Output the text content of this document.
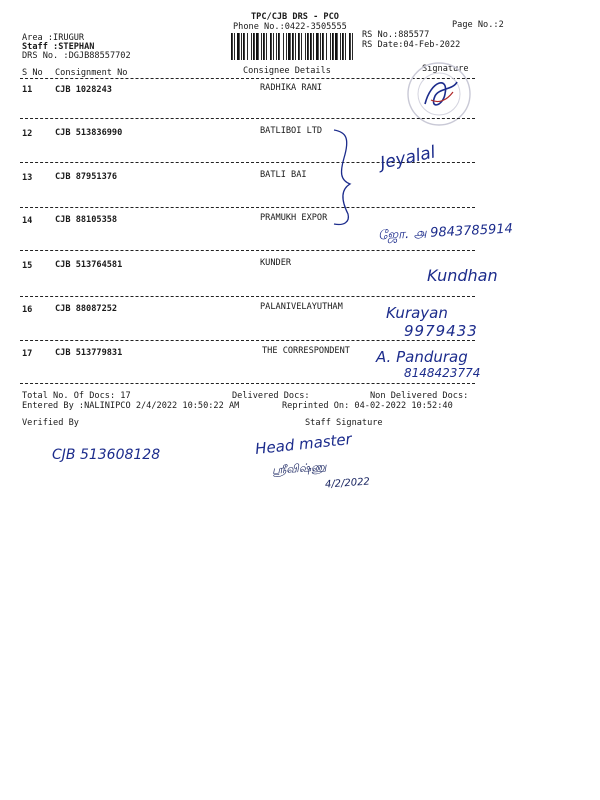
TPC/CJB DRS - PCO
Phone No.:0422-3505555	Page No.:2
Area :IRUGUR
Staff :STEPHAN
DRS No. :DGJB88557702
RS No.:885577
RS Date:04-Feb-2022
S No Consignment No	Consignee Details	Signature
11	CJB 1028243	RADHIKA RANI
12	CJB 513836990	BATLIBOI LTD
13	CJB 87951376	BATLI BAI
14	CJB 88105358	PRAMUKH EXPOR
15	CJB 513764581	KUNDER
16	CJB 88087252	PALANIVELAYUTHAM
17	CJB 513779831	THE CORRESPONDENT
Jeyalal
ஜோ. ௮ 9843785914
Kundhan
Kurayan
9979433
A. Pandurag
8148423774
Total No. Of Docs: 17	Delivered Docs:	Non Delivered Docs:
Entered By :NALINIPCO 2/4/2022 10:50:22 AM	Reprinted On: 04-02-2022 10:52:40
Verified By	Staff Signature
CJB 513608128	Head master
ஸ்ரீவிஷ்ணு
4/2/2022
